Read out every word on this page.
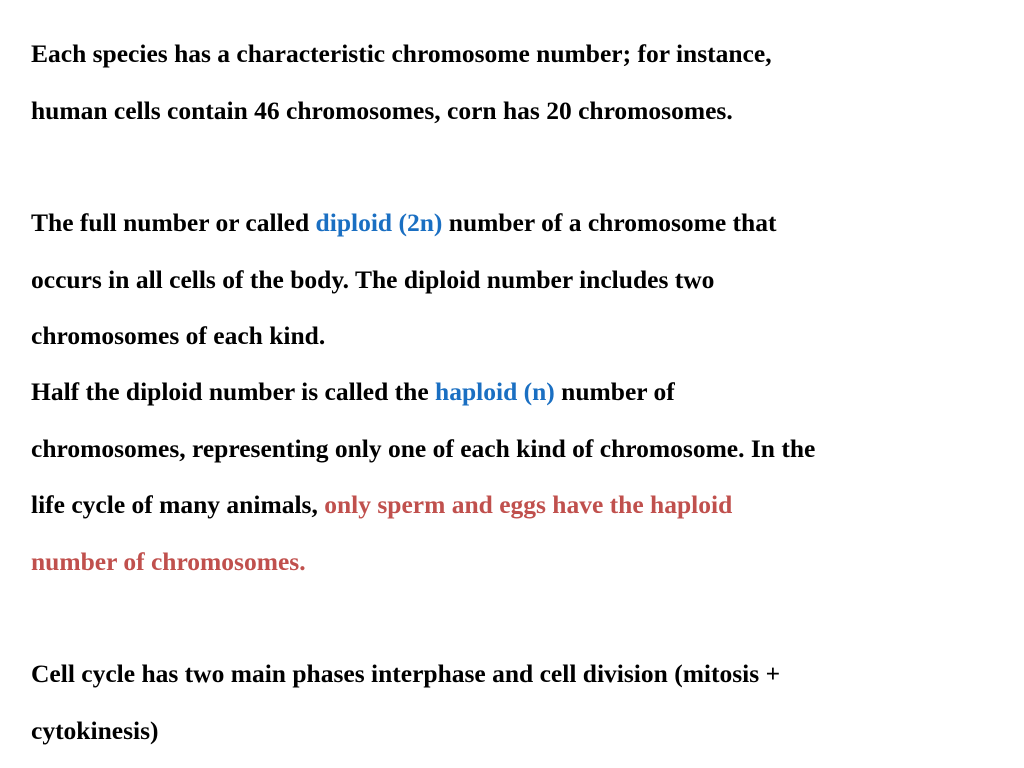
Each species has a characteristic chromosome number; for instance,
human cells contain 46 chromosomes, corn has 20 chromosomes.

The full number or called diploid (2n) number of a chromosome that
occurs in all cells of the body. The diploid number includes two
chromosomes of each kind.

Half the diploid number is called the haploid (n) number of
chromosomes, representing only one of each kind of chromosome. In the
life cycle of many animals, only sperm and eggs have the haploid
number of chromosomes.

Cell cycle has two main phases interphase and cell division (mitosis +
cytokinesis)
